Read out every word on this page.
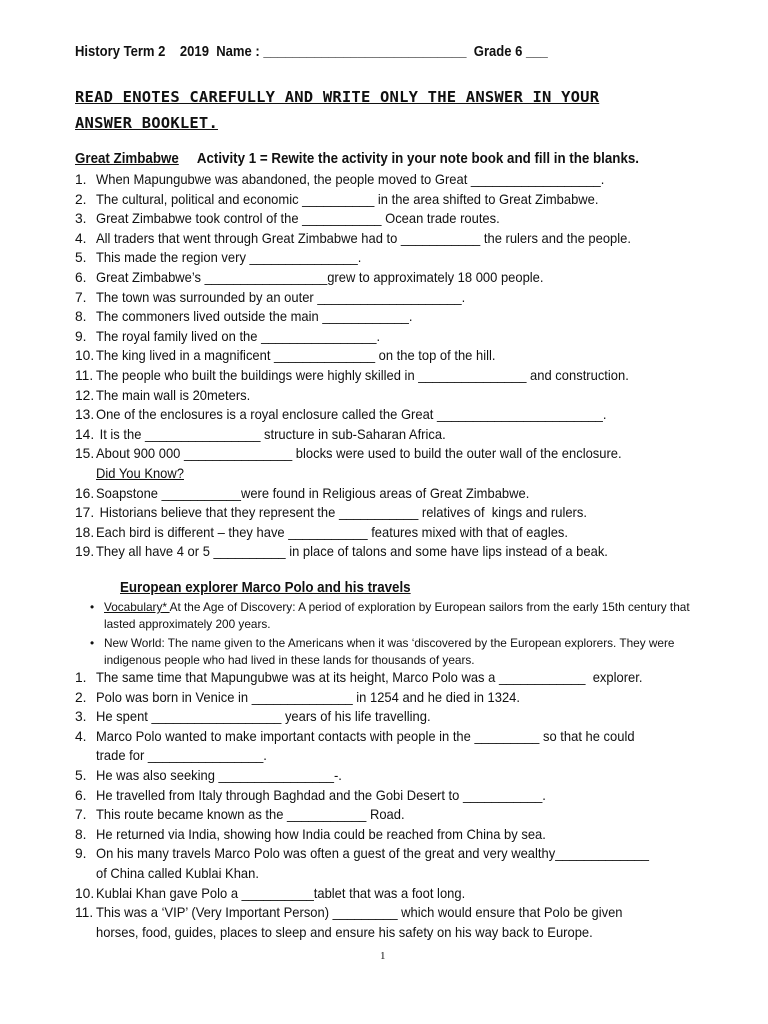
History Term 2    2019  Name : ____________________________  Grade 6 ___
READ ENOTES CAREFULLY AND WRITE ONLY THE ANSWER IN YOUR
ANSWER BOOKLET.
Great Zimbabwe Activity 1 = Rewite the activity in your note book and fill in the blanks.
1. When Mapungubwe was abandoned, the people moved to Great __________________.
2. The cultural, political and economic __________ in the area shifted to Great Zimbabwe.
3. Great Zimbabwe took control of the ___________ Ocean trade routes.
4. All traders that went through Great Zimbabwe had to ___________ the rulers and the people.
5. This made the region very _______________.
6. Great Zimbabwe’s _________________grew to approximately 18 000 people.
7. The town was surrounded by an outer ____________________.
8. The commoners lived outside the main ____________.
9. The royal family lived on the ________________.
10. The king lived in a magnificent ______________ on the top of the hill.
11. The people who built the buildings were highly skilled in _______________ and construction.
12. The main wall is 20meters.
13. One of the enclosures is a royal enclosure called the Great _______________________.
14. It is the ________________ structure in sub-Saharan Africa.
15. About 900 000 _______________ blocks were used to build the outer wall of the enclosure.
Did You Know?
16. Soapstone ___________were found in Religious areas of Great Zimbabwe.
17. Historians believe that they represent the ___________ relatives of  kings and rulers.
18. Each bird is different – they have ___________ features mixed with that of eagles.
19. They all have 4 or 5 __________ in place of talons and some have lips instead of a beak.
European explorer Marco Polo and his travels
• Vocabulary* At the Age of Discovery: A period of exploration by European sailors from the early 15th century that lasted approximately 200 years.
• New World: The name given to the Americans when it was ‘discovered by the European explorers. They were indigenous people who had lived in these lands for thousands of years.
1. The same time that Mapungubwe was at its height, Marco Polo was a ____________  explorer.
2. Polo was born in Venice in ______________ in 1254 and he died in 1324.
3. He spent __________________ years of his life travelling.
4. Marco Polo wanted to make important contacts with people in the _________ so that he could
trade for ________________.
5. He was also seeking ________________-.
6. He travelled from Italy through Baghdad and the Gobi Desert to ___________.
7. This route became known as the ___________ Road.
8. He returned via India, showing how India could be reached from China by sea.
9. On his many travels Marco Polo was often a guest of the great and very wealthy_____________
of China called Kublai Khan.
10. Kublai Khan gave Polo a __________tablet that was a foot long.
11. This was a ‘VIP’ (Very Important Person) _________ which would ensure that Polo be given
horses, food, guides, places to sleep and ensure his safety on his way back to Europe.
1
